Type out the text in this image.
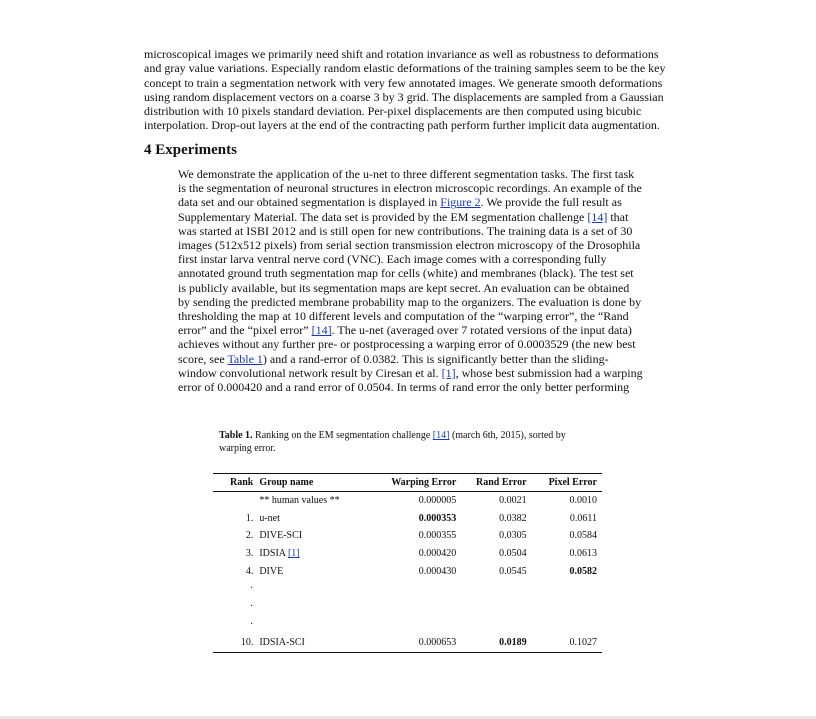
microscopical images we primarily need shift and rotation invariance as well as robustness to deformations and gray value variations. Especially random elastic deformations of the training samples seem to be the key concept to train a segmentation network with very few annotated images. We generate smooth deformations using random displacement vectors on a coarse 3 by 3 grid. The displacements are sampled from a Gaussian distribution with 10 pixels standard deviation. Per-pixel displacements are then computed using bicubic interpolation. Drop-out layers at the end of the contracting path perform further implicit data augmentation.

4 Experiments

We demonstrate the application of the u-net to three different segmentation tasks. The first task is the segmentation of neuronal structures in electron microscopic recordings. An example of the data set and our obtained segmentation is displayed in Figure 2. We provide the full result as Supplementary Material. The data set is provided by the EM segmentation challenge [14] that was started at ISBI 2012 and is still open for new contributions. The training data is a set of 30 images (512x512 pixels) from serial section transmission electron microscopy of the Drosophila first instar larva ventral nerve cord (VNC). Each image comes with a corresponding fully annotated ground truth segmentation map for cells (white) and membranes (black). The test set is publicly available, but its segmentation maps are kept secret. An evaluation can be obtained by sending the predicted membrane probability map to the organizers. The evaluation is done by thresholding the map at 10 different levels and computation of the “warping error”, the “Rand error” and the “pixel error” [14]. The u-net (averaged over 7 rotated versions of the input data) achieves without any further pre- or postprocessing a warping error of 0.0003529 (the new best score, see Table 1) and a rand-error of 0.0382. This is significantly better than the sliding-window convolutional network result by Ciresan et al. [1], whose best submission had a warping error of 0.000420 and a rand error of 0.0504. In terms of rand error the only better performing

Table 1. Ranking on the EM segmentation challenge [14] (march 6th, 2015), sorted by warping error.

Rank	Group name	Warping Error	Rand Error	Pixel Error
	** human values **	0.000005	0.0021	0.0010
1.	u-net	0.000353	0.0382	0.0611
2.	DIVE-SCI	0.000355	0.0305	0.0584
3.	IDSIA [1]	0.000420	0.0504	0.0613
4.	DIVE	0.000430	0.0545	0.0582
·				
·				
·				
10.	IDSIA-SCI	0.000653	0.0189	0.1027
